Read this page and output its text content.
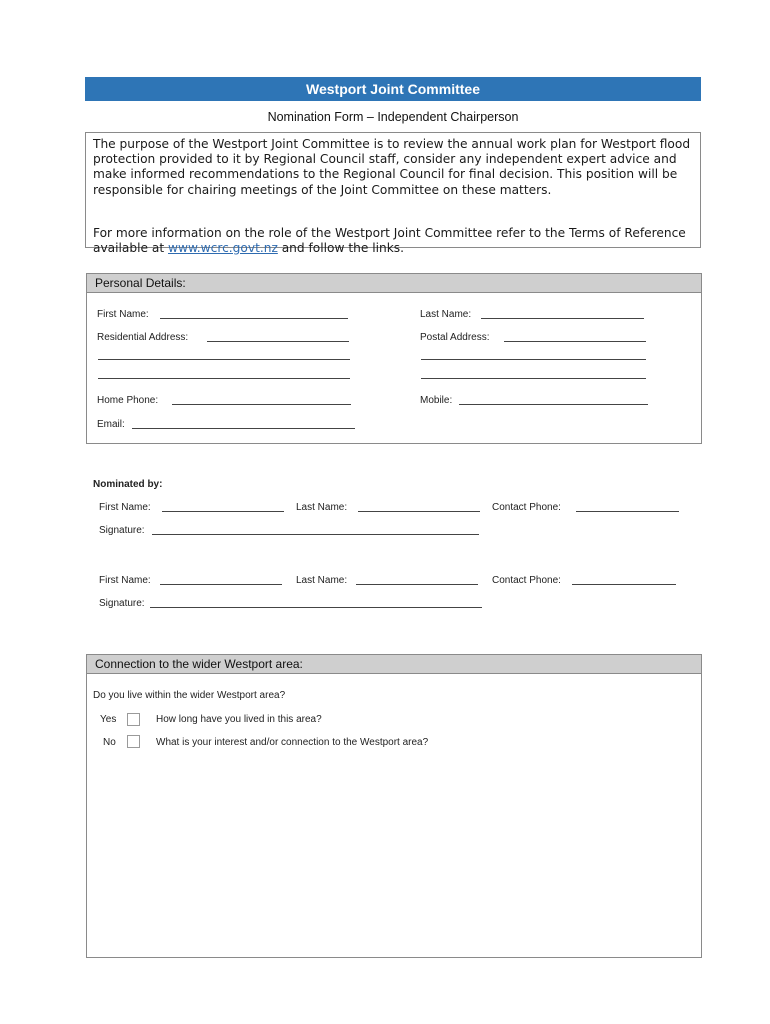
Westport Joint Committee
Nomination Form – Independent Chairperson

The purpose of the Westport Joint Committee is to review the annual work plan for Westport flood protection provided to it by Regional Council staff, consider any independent expert advice and make informed recommendations to the Regional Council for final decision. This position will be responsible for chairing meetings of the Joint Committee on these matters.

For more information on the role of the Westport Joint Committee refer to the Terms of Reference available at www.wcrc.govt.nz and follow the links.

Personal Details:
First Name:	Last Name:
Residential Address:	Postal Address:
Home Phone:	Mobile:
Email:
Nominated by:
First Name:	Last Name:	Contact Phone:
Signature:
First Name:	Last Name:	Contact Phone:
Signature:
Connection to the wider Westport area:
Do you live within the wider Westport area?
Yes	How long have you lived in this area?
No	What is your interest and/or connection to the Westport area?
